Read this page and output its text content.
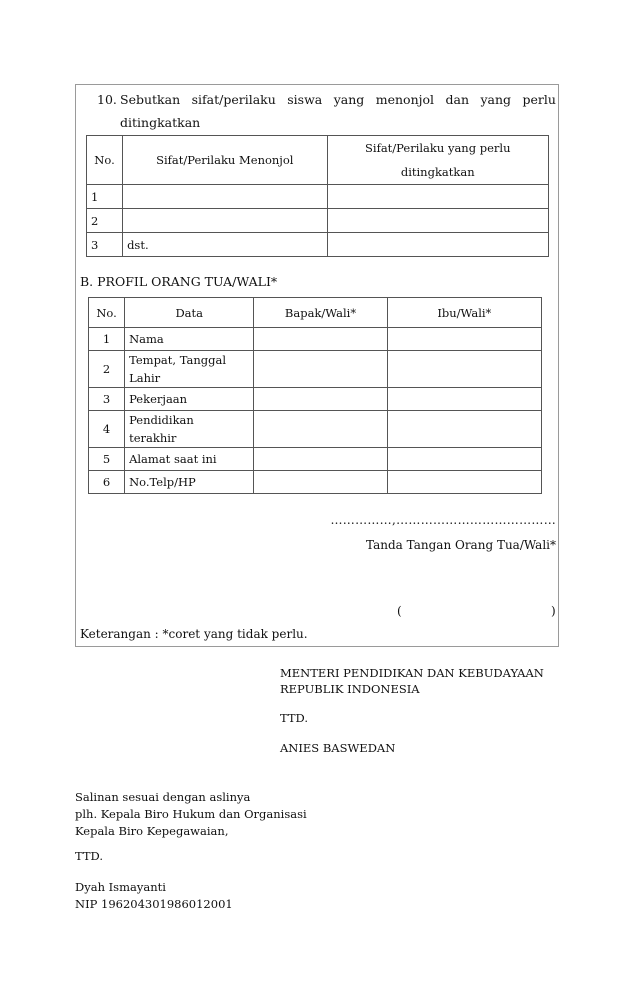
10. Sebutkan sifat/perilaku siswa yang menonjol dan yang perlu
ditingkatkan
No.	Sifat/Perilaku Menonjol	Sifat/Perilaku yang perlu
ditingkatkan

1		
2		
3	dst.	
B. PROFIL ORANG TUA/WALI*
No.	Data	Bapak/Wali*	Ibu/Wali*
1	Nama		
2	Tempat, Tanggal
Lahir		

3	Pekerjaan		
4	Pendidikan
terakhir		

5	Alamat saat ini		
6	No.Telp/HP		
……………,…………………………………
Tanda Tangan Orang Tua/Wali*
(	)
Keterangan : *coret yang tidak perlu.
MENTERI PENDIDIKAN DAN KEBUDAYAAN
REPUBLIK INDONESIA
TTD.
ANIES BASWEDAN
Salinan sesuai dengan aslinya
plh. Kepala Biro Hukum dan Organisasi
Kepala Biro Kepegawaian,
TTD.
Dyah Ismayanti
NIP 196204301986012001
